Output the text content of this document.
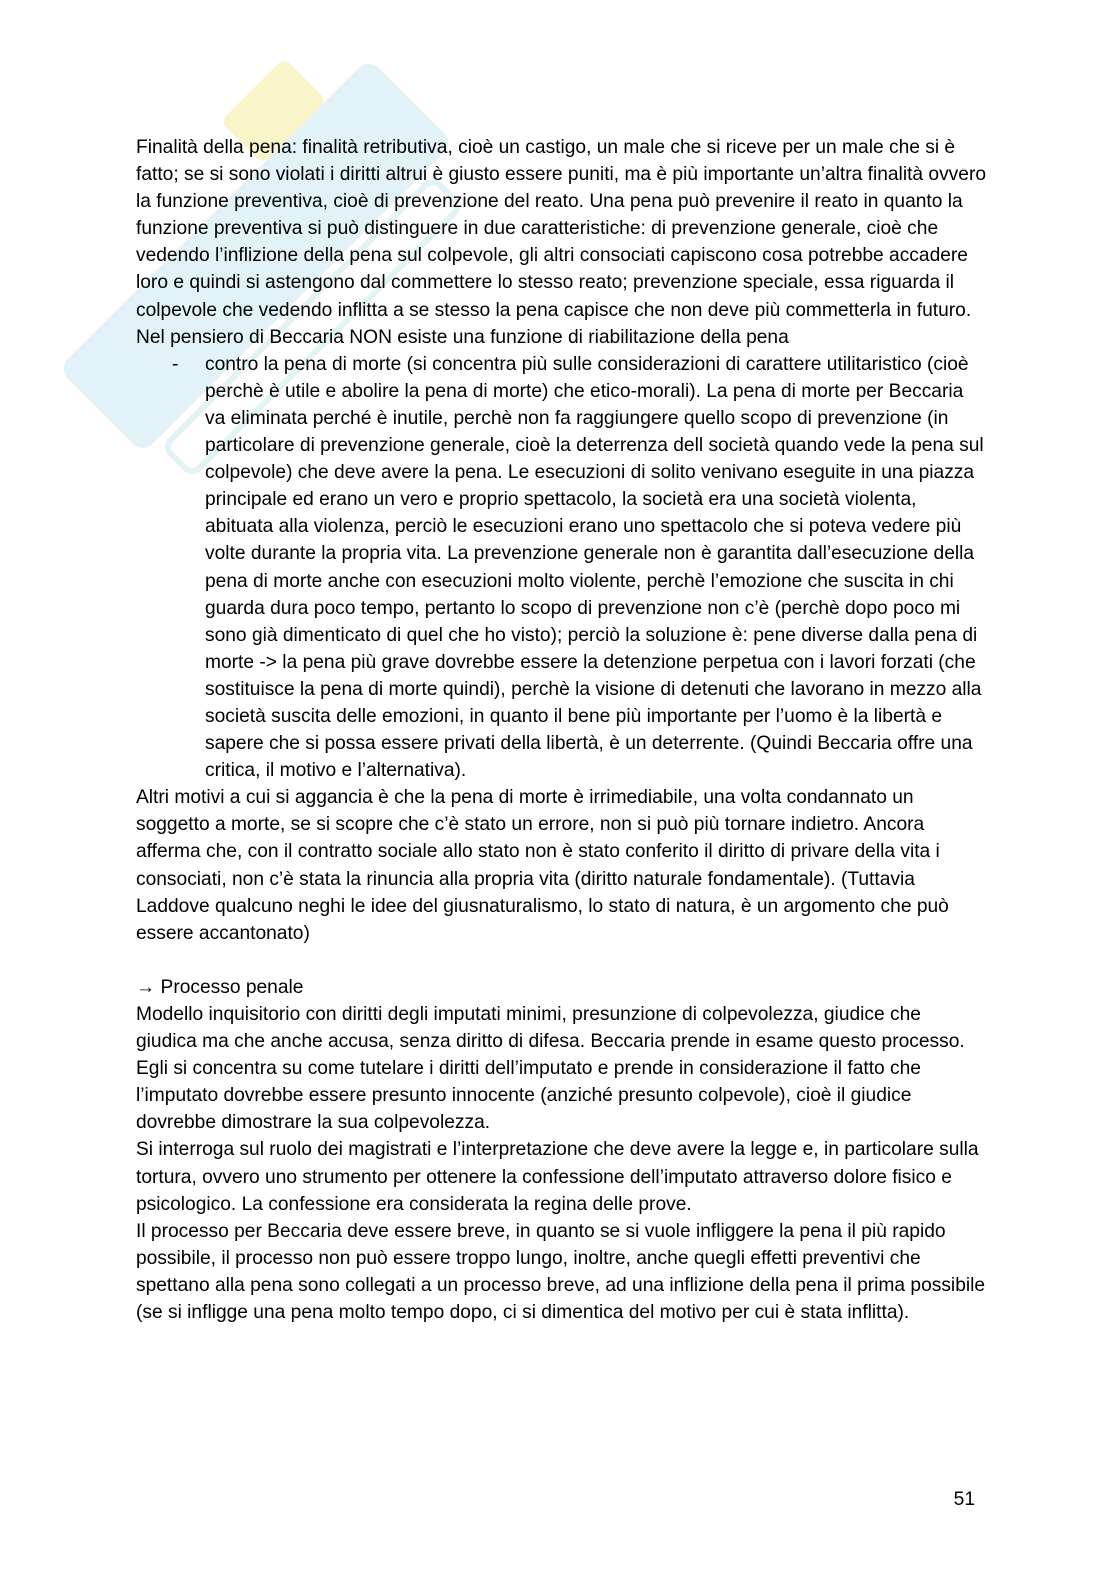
Finalità della pena: finalità retributiva, cioè un castigo, un male che si riceve per un male che si è fatto; se si sono violati i diritti altrui è giusto essere puniti, ma è più importante un’altra finalità ovvero la funzione preventiva, cioè di prevenzione del reato. Una pena può prevenire il reato in quanto la funzione preventiva si può distinguere in due caratteristiche: di prevenzione generale, cioè che vedendo l’inflizione della pena sul colpevole, gli altri consociati capiscono cosa potrebbe accadere loro e quindi si astengono dal commettere lo stesso reato; prevenzione speciale, essa riguarda il colpevole che vedendo inflitta a se stesso la pena capisce che non deve più commetterla in futuro.

Nel pensiero di Beccaria NON esiste una funzione di riabilitazione della pena

- contro la pena di morte (si concentra più sulle considerazioni di carattere utilitaristico (cioè perchè è utile e abolire la pena di morte) che etico-morali). La pena di morte per Beccaria va eliminata perché è inutile, perchè non fa raggiungere quello scopo di prevenzione (in particolare di prevenzione generale, cioè la deterrenza dell società quando vede la pena sul colpevole) che deve avere la pena. Le esecuzioni di solito venivano eseguite in una piazza principale ed erano un vero e proprio spettacolo, la società era una società violenta, abituata alla violenza, perciò le esecuzioni erano uno spettacolo che si poteva vedere più volte durante la propria vita. La prevenzione generale non è garantita dall’esecuzione della pena di morte anche con esecuzioni molto violente, perchè l’emozione che suscita in chi guarda dura poco tempo, pertanto lo scopo di prevenzione non c’è (perchè dopo poco mi sono già dimenticato di quel che ho visto); perciò la soluzione è: pene diverse dalla pena di morte -> la pena più grave dovrebbe essere la detenzione perpetua con i lavori forzati (che sostituisce la pena di morte quindi), perchè la visione di detenuti che lavorano in mezzo alla società suscita delle emozioni, in quanto il bene più importante per l’uomo è la libertà e sapere che si possa essere privati della libertà, è un deterrente. (Quindi Beccaria offre una critica, il motivo e l’alternativa).

Altri motivi a cui si aggancia è che la pena di morte è irrimediabile, una volta condannato un soggetto a morte, se si scopre che c’è stato un errore, non si può più tornare indietro. Ancora afferma che, con il contratto sociale allo stato non è stato conferito il diritto di privare della vita i consociati, non c’è stata la rinuncia alla propria vita (diritto naturale fondamentale). (Tuttavia Laddove qualcuno neghi le idee del giusnaturalismo, lo stato di natura, è un argomento che può essere accantonato)

→ Processo penale

Modello inquisitorio con diritti degli imputati minimi, presunzione di colpevolezza, giudice che giudica ma che anche accusa, senza diritto di difesa. Beccaria prende in esame questo processo. Egli si concentra su come tutelare i diritti dell’imputato e prende in considerazione il fatto che l’imputato dovrebbe essere presunto innocente (anziché presunto colpevole), cioè il giudice dovrebbe dimostrare la sua colpevolezza.

Si interroga sul ruolo dei magistrati e l’interpretazione che deve avere la legge e, in particolare sulla tortura, ovvero uno strumento per ottenere la confessione dell’imputato attraverso dolore fisico e psicologico. La confessione era considerata la regina delle prove.

Il processo per Beccaria deve essere breve, in quanto se si vuole infliggere la pena il più rapido possibile, il processo non può essere troppo lungo, inoltre, anche quegli effetti preventivi che spettano alla pena sono collegati a un processo breve, ad una inflizione della pena il prima possibile (se si infligge una pena molto tempo dopo, ci si dimentica del motivo per cui è stata inflitta).

51
